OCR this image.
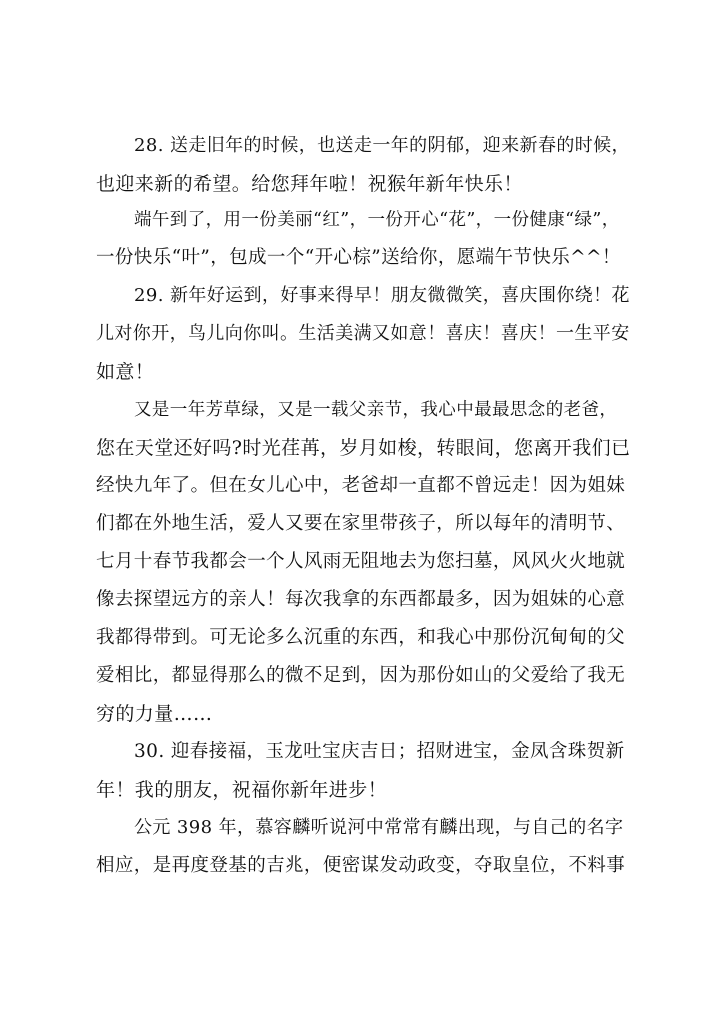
28. 送走旧年的时候，也送走一年的阴郁，迎来新春的时候，
也迎来新的希望。给您拜年啦！祝猴年新年快乐！
端午到了，用一份美丽“红”，一份开心“花”，一份健康“绿”，
一份快乐“叶”，包成一个“开心棕”送给你，愿端午节快乐^^！
29. 新年好运到，好事来得早！朋友微微笑，喜庆围你绕！花
儿对你开，鸟儿向你叫。生活美满又如意！喜庆！喜庆！一生平安
如意！
又是一年芳草绿，又是一载父亲节，我心中最最思念的老爸，
您在天堂还好吗?时光荏苒，岁月如梭，转眼间，您离开我们已
经快九年了。但在女儿心中，老爸却一直都不曾远走！因为姐妹
们都在外地生活，爱人又要在家里带孩子，所以每年的清明节、
七月十春节我都会一个人风雨无阻地去为您扫墓，风风火火地就
像去探望远方的亲人！每次我拿的东西都最多，因为姐妹的心意
我都得带到。可无论多么沉重的东西，和我心中那份沉甸甸的父
爱相比，都显得那么的微不足到，因为那份如山的父爱给了我无
穷的力量……
30. 迎春接福，玉龙吐宝庆吉日；招财进宝，金凤含珠贺新
年！我的朋友，祝福你新年进步！
公元 398 年，慕容麟听说河中常常有麟出现，与自己的名字
相应，是再度登基的吉兆，便密谋发动政变，夺取皇位，不料事
